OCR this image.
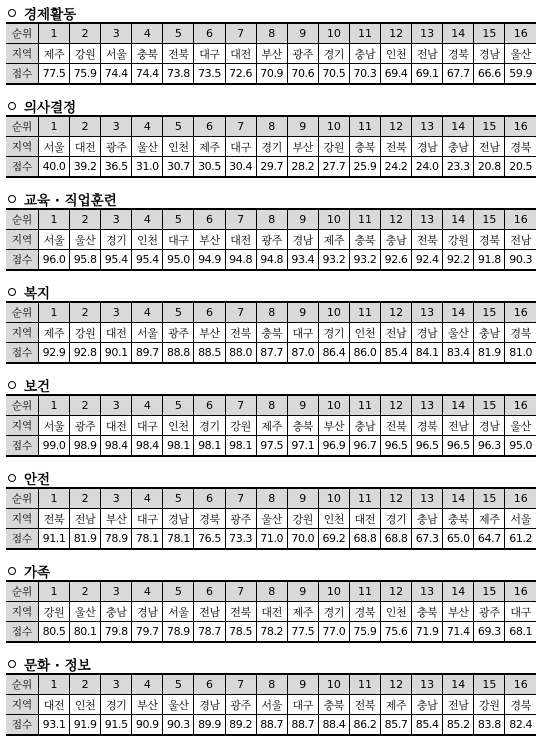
경제활동
순위	1	2	3	4	5	6	7	8	9	10	11	12	13	14	15	16
지역	제주	강원	서울	충북	전북	대구	대전	부산	광주	경기	충남	인천	전남	경북	경남	울산
점수	77.5	75.9	74.4	74.4	73.8	73.5	72.6	70.9	70.6	70.5	70.3	69.4	69.1	67.7	66.6	59.9
의사결정
순위	1	2	3	4	5	6	7	8	9	10	11	12	13	14	15	16
지역	서울	대전	광주	울산	인천	제주	대구	경기	부산	강원	충북	전북	경남	충남	전남	경북
점수	40.0	39.2	36.5	31.0	30.7	30.5	30.4	29.7	28.2	27.7	25.9	24.2	24.0	23.3	20.8	20.5
교육 · 직업훈련
순위	1	2	3	4	5	6	7	8	9	10	11	12	13	14	15	16
지역	서울	울산	경기	인천	대구	부산	대전	광주	경남	제주	충북	충남	전북	강원	경북	전남
점수	96.0	95.8	95.4	95.4	95.0	94.9	94.8	94.8	93.4	93.2	93.2	92.6	92.4	92.2	91.8	90.3
복지
순위	1	2	3	4	5	6	7	8	9	10	11	12	13	14	15	16
지역	제주	강원	대전	서울	광주	부산	전북	충북	대구	경기	인천	전남	경남	울산	충남	경북
점수	92.9	92.8	90.1	89.7	88.8	88.5	88.0	87.7	87.0	86.4	86.0	85.4	84.1	83.4	81.9	81.0
보건
순위	1	2	3	4	5	6	7	8	9	10	11	12	13	14	15	16
지역	서울	광주	대전	대구	인천	경기	강원	제주	충북	부산	충남	전북	경북	전남	경남	울산
점수	99.0	98.9	98.4	98.4	98.1	98.1	98.1	97.5	97.1	96.9	96.7	96.5	96.5	96.5	96.3	95.0
안전
순위	1	2	3	4	5	6	7	8	9	10	11	12	13	14	15	16
지역	전북	전남	부산	대구	경남	경북	광주	울산	강원	인천	대전	경기	충남	충북	제주	서울
점수	91.1	81.9	78.9	78.1	78.1	76.5	73.3	71.0	70.0	69.2	68.8	68.8	67.3	65.0	64.7	61.2
가족
순위	1	2	3	4	5	6	7	8	9	10	11	12	13	14	15	16
지역	강원	울산	충남	경남	서울	전남	전북	대전	제주	경기	경북	인천	충북	부산	광주	대구
점수	80.5	80.1	79.8	79.7	78.9	78.7	78.5	78.2	77.5	77.0	75.9	75.6	71.9	71.4	69.3	68.1
문화 · 정보
순위	1	2	3	4	5	6	7	8	9	10	11	12	13	14	15	16
지역	대전	인천	경기	부산	울산	경남	광주	서울	대구	충북	전북	제주	충남	전남	강원	경북
점수	93.1	91.9	91.5	90.9	90.3	89.9	89.2	88.7	88.7	88.4	86.2	85.7	85.4	85.2	83.8	82.4
